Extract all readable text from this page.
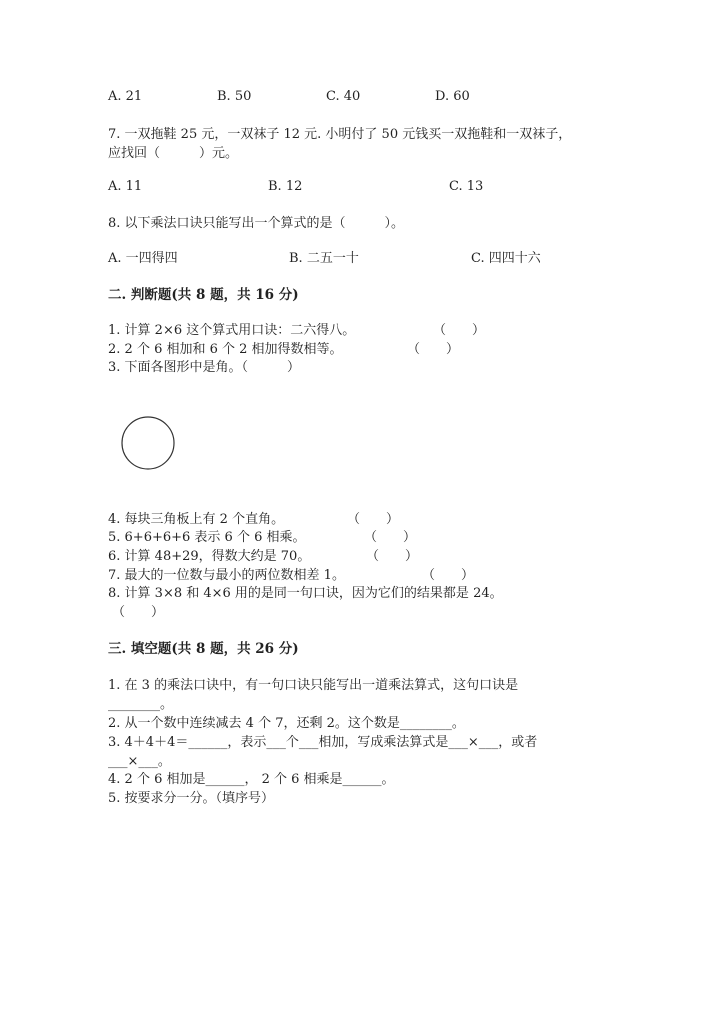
A. 21	B. 50	C. 40	D. 60
7. 一双拖鞋 25 元，一双袜子 12 元. 小明付了 50 元钱买一双拖鞋和一双袜子，
应找回（　　　）元。
A. 11	B. 12	C. 13
8. 以下乘法口诀只能写出一个算式的是（　　　）。
A. 一四得四	B. 二五一十	C. 四四十六
二. 判断题(共 8 题，共 16 分)
1. 计算 2×6 这个算式用口诀：二六得八。	（　　）
2. 2 个 6 相加和 6 个 2 相加得数相等。	（　　）
3. 下面各图形中是角。（　　　）
4. 每块三角板上有 2 个直角。	（　　）
5. 6+6+6+6 表示 6 个 6 相乘。	（　　）
6. 计算 48+29，得数大约是 70。	（　　）
7. 最大的一位数与最小的两位数相差 1。	（　　）
8. 计算 3×8 和 4×6 用的是同一句口诀，因为它们的结果都是 24。
（　　）
三. 填空题(共 8 题，共 26 分)
1. 在 3 的乘法口诀中，有一句口诀只能写出一道乘法算式，这句口诀是
________。
2. 从一个数中连续减去 4 个 7，还剩 2。这个数是________。
3. 4＋4＋4＝______，表示___个___相加，写成乘法算式是___×___，或者
___×___。
4. 2 个 6 相加是______， 2 个 6 相乘是______。
5. 按要求分一分。（填序号）
